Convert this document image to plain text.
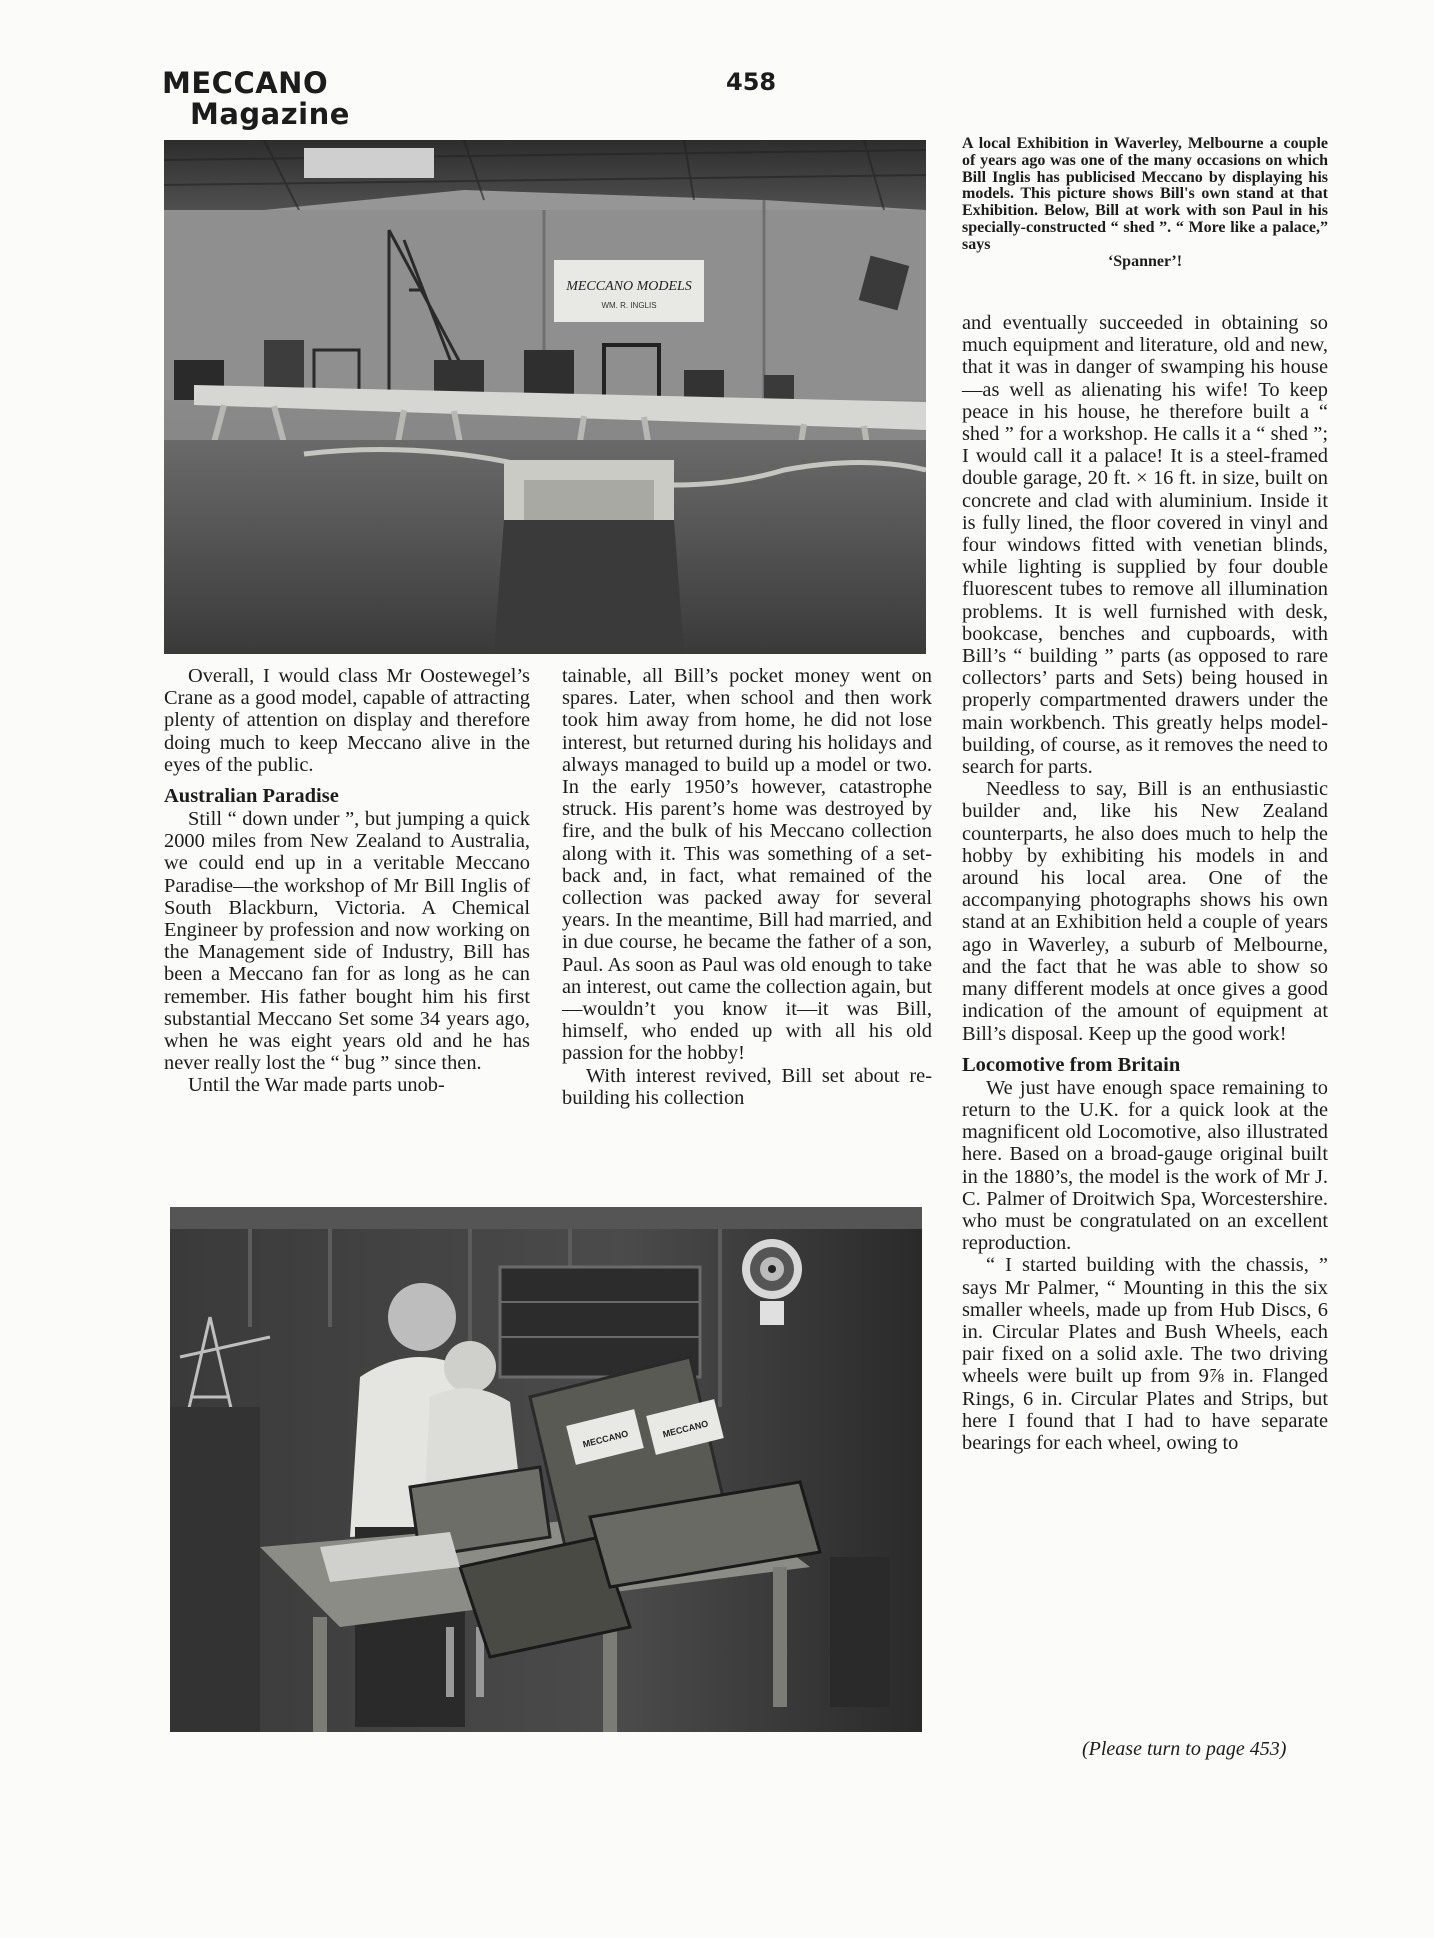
MECCANO
Magazine
458
MECCANO MODELS
WM. R. INGLIS
A local Exhibition in Waverley, Melbourne a couple of years ago was one of the many occasions on which Bill Inglis has publicised Meccano by displaying his models. This picture shows Bill's own stand at that Exhibition. Below, Bill at work with son Paul in his specially-constructed “ shed ”. “ More like a palace,” says
‘Spanner’!

Overall, I would class Mr Oostewegel’s Crane as a good model, capable of attracting plenty of attention on display and therefore doing much to keep Meccano alive in the eyes of the public.

Australian Paradise

Still “ down under ”, but jumping a quick 2000 miles from New Zealand to Australia, we could end up in a veritable Meccano Paradise—the workshop of Mr Bill Inglis of South Blackburn, Victoria. A Chemical Engineer by profession and now working on the Management side of Industry, Bill has been a Meccano fan for as long as he can remember. His father bought him his first substantial Meccano Set some 34 years ago, when he was eight years old and he has never really lost the “ bug ” since then.

Until the War made parts unob-

tainable, all Bill’s pocket money went on spares. Later, when school and then work took him away from home, he did not lose interest, but returned during his holidays and always managed to build up a model or two. In the early 1950’s however, catastrophe struck. His parent’s home was destroyed by fire, and the bulk of his Meccano collection along with it. This was something of a set-back and, in fact, what remained of the collection was packed away for several years. In the meantime, Bill had married, and in due course, he became the father of a son, Paul. As soon as Paul was old enough to take an interest, out came the collection again, but—wouldn’t you know it—it was Bill, himself, who ended up with all his old passion for the hobby!

With interest revived, Bill set about re-building his collection

and eventually succeeded in obtaining so much equipment and literature, old and new, that it was in danger of swamping his house—as well as alienating his wife! To keep peace in his house, he therefore built a “ shed ” for a workshop. He calls it a “ shed ”; I would call it a palace! It is a steel-framed double garage, 20 ft. × 16 ft. in size, built on concrete and clad with aluminium. Inside it is fully lined, the floor covered in vinyl and four windows fitted with venetian blinds, while lighting is supplied by four double fluorescent tubes to remove all illumination problems. It is well furnished with desk, bookcase, benches and cupboards, with Bill’s “ building ” parts (as opposed to rare collectors’ parts and Sets) being housed in properly compartmented drawers under the main workbench. This greatly helps model-building, of course, as it removes the need to search for parts.

Needless to say, Bill is an enthusiastic builder and, like his New Zealand counterparts, he also does much to help the hobby by exhibiting his models in and around his local area. One of the accompanying photographs shows his own stand at an Exhibition held a couple of years ago in Waverley, a suburb of Melbourne, and the fact that he was able to show so many different models at once gives a good indication of the amount of equipment at Bill’s disposal. Keep up the good work!

Locomotive from Britain

We just have enough space remaining to return to the U.K. for a quick look at the magnificent old Locomotive, also illustrated here. Based on a broad-gauge original built in the 1880’s, the model is the work of Mr J. C. Palmer of Droitwich Spa, Worcestershire. who must be congratulated on an excellent reproduction.

“ I started building with the chassis, ” says Mr Palmer, “ Mounting in this the six smaller wheels, made up from Hub Discs, 6 in. Circular Plates and Bush Wheels, each pair fixed on a solid axle. The two driving wheels were built up from 9⅞ in. Flanged Rings, 6 in. Circular Plates and Strips, but here I found that I had to have separate bearings for each wheel, owing to

MECCANO	MECCANO
(Please turn to page 453)
